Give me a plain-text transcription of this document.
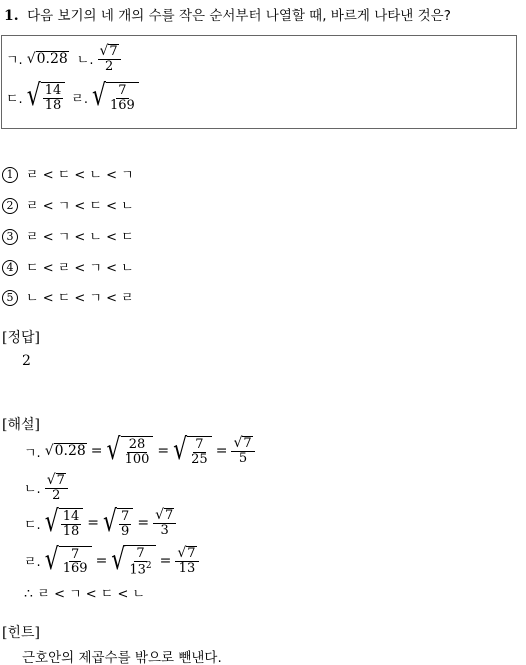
1. 다음 보기의 네 개의 수를 작은 순서부터 나열할 때, 바르게 나타낸 것은?
ㄱ. √ 0.28 ㄴ. $\frac{√ 7}{2}$
ㄷ. √ $\frac{14}{18}$ ㄹ. √ $\frac{7}{169}$
1 ㄹ < ㄷ < ㄴ < ㄱ
2 ㄹ < ㄱ < ㄷ < ㄴ
3 ㄹ < ㄱ < ㄴ < ㄷ
4 ㄷ < ㄹ < ㄱ < ㄴ
5 ㄴ < ㄷ < ㄱ < ㄹ
[정답]
2
[해설]
ㄱ. √ 0.28 = √ $\frac{28}{100}$ = √ $\frac{7}{25} = \frac{√ 7}{5}$
ㄴ. $\frac{√ 7}{2}$
ㄷ. √ $\frac{14}{18}$ = √ $\frac{7}{9} = \frac{√ 7}{3}$
ㄹ. √ $\frac{7}{169}$ = √ $\frac{7}{13^2} = \frac{√ 7}{13}$
∴ ㄹ < ㄱ < ㄷ < ㄴ
[힌트]
근호안의 제곱수를 밖으로 뺀낸다.
